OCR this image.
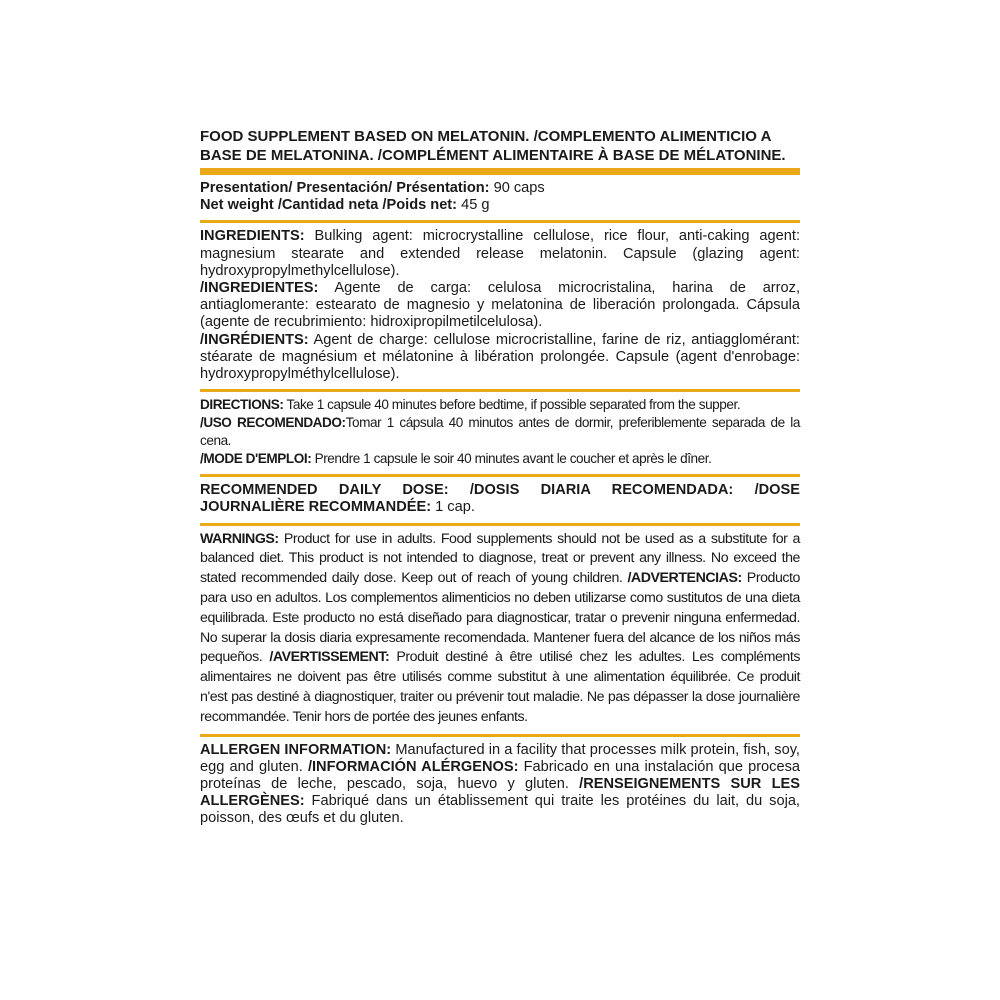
FOOD SUPPLEMENT BASED ON MELATONIN. /COMPLEMENTO ALIMENTICIO A BASE DE MELATONINA. /COMPLÉMENT ALIMENTAIRE À BASE DE MÉLATONINE.

Presentation/ Presentación/ Présentation: 90 caps

Net weight /Cantidad neta /Poids net: 45 g

INGREDIENTS: Bulking agent: microcrystalline cellulose, rice flour, anti-caking agent: magnesium stearate and extended release melatonin. Capsule (glazing agent: hydroxypropylmethylcellulose).

/INGREDIENTES: Agente de carga: celulosa microcristalina, harina de arroz, antiaglomerante: estearato de magnesio y melatonina de liberación prolongada. Cápsula (agente de recubrimiento: hidroxipropilmetilcelulosa).

/INGRÉDIENTS: Agent de charge: cellulose microcristalline, farine de riz, antiagglomérant: stéarate de magnésium et mélatonine à libération prolongée. Capsule (agent d'enrobage: hydroxypropylméthylcellulose).

DIRECTIONS: Take 1 capsule 40 minutes before bedtime, if possible separated from the supper.

/USO RECOMENDADO:Tomar 1 cápsula 40 minutos antes de dormir, preferiblemente separada de la cena.

/MODE D'EMPLOI: Prendre 1 capsule le soir 40 minutes avant le coucher et après le dîner.

RECOMMENDED DAILY DOSE: /DOSIS DIARIA RECOMENDADA: /DOSE JOURNALIÈRE RECOMMANDÉE: 1 cap.

WARNINGS: Product for use in adults. Food supplements should not be used as a substitute for a balanced diet. This product is not intended to diagnose, treat or prevent any illness. No exceed the stated recommended daily dose. Keep out of reach of young children. /ADVERTENCIAS: Producto para uso en adultos. Los complementos alimenticios no deben utilizarse como sustitutos de una dieta equilibrada. Este producto no está diseñado para diagnosticar, tratar o prevenir ninguna enfermedad. No superar la dosis diaria expresamente recomendada. Mantener fuera del alcance de los niños más pequeños. /AVERTISSEMENT: Produit destiné à être utilisé chez les adultes. Les compléments alimentaires ne doivent pas être utilisés comme substitut à une alimentation équilibrée. Ce produit n'est pas destiné à diagnostiquer, traiter ou prévenir tout maladie. Ne pas dépasser la dose journalière recommandée. Tenir hors de portée des jeunes enfants.

ALLERGEN INFORMATION: Manufactured in a facility that processes milk protein, fish, soy, egg and gluten. /INFORMACIÓN ALÉRGENOS: Fabricado en una instalación que procesa proteínas de leche, pescado, soja, huevo y gluten. /RENSEIGNEMENTS SUR LES ALLERGÈNES: Fabriqué dans un établissement qui traite les protéines du lait, du soja, poisson, des œufs et du gluten.
